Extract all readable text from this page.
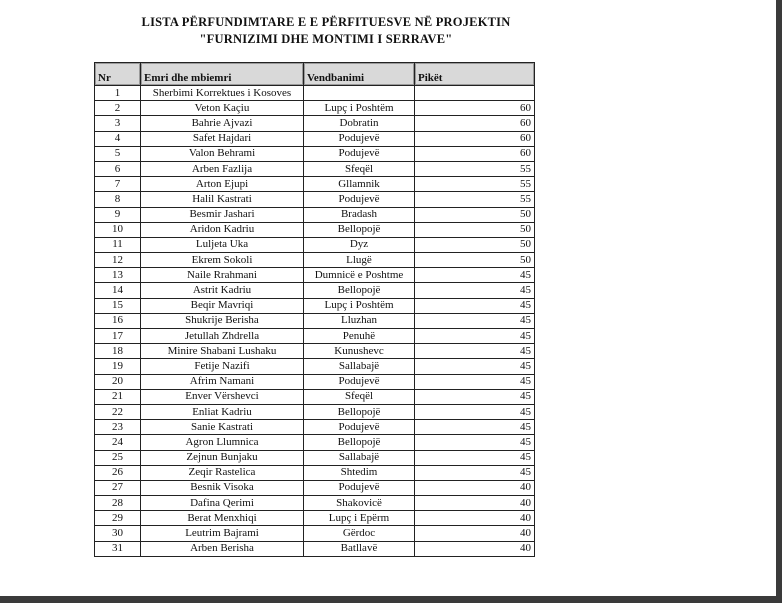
LISTA PËRFUNDIMTARE E E PËRFITUESVE NË PROJEKTIN
"FURNIZIMI DHE MONTIMI I SERRAVE"
Nr	Emri dhe mbiemri	Vendbanimi	Pikët
1	Sherbimi Korrektues i Kosoves		
2	Veton Kaçiu	Lupç i Poshtëm	60
3	Bahrie Ajvazi	Dobratin	60
4	Safet Hajdari	Podujevë	60
5	Valon Behrami	Podujevë	60
6	Arben Fazlija	Sfeqël	55
7	Arton Ejupi	Gllamnik	55
8	Halil Kastrati	Podujevë	55
9	Besmir Jashari	Bradash	50
10	Aridon Kadriu	Bellopojë	50
11	Luljeta Uka	Dyz	50
12	Ekrem Sokoli	Llugë	50
13	Naile Rrahmani	Dumnicë e Poshtme	45
14	Astrit Kadriu	Bellopojë	45
15	Beqir Mavriqi	Lupç i Poshtëm	45
16	Shukrije Berisha	Lluzhan	45
17	Jetullah Zhdrella	Penuhë	45
18	Minire Shabani Lushaku	Kunushevc	45
19	Fetije Nazifi	Sallabajë	45
20	Afrim Namani	Podujevë	45
21	Enver Vërshevci	Sfeqël	45
22	Enliat Kadriu	Bellopojë	45
23	Sanie Kastrati	Podujevë	45
24	Agron Llumnica	Bellopojë	45
25	Zejnun Bunjaku	Sallabajë	45
26	Zeqir Rastelica	Shtedim	45
27	Besnik Visoka	Podujevë	40
28	Dafina Qerimi	Shakovicë	40
29	Berat Menxhiqi	Lupç i Epërm	40
30	Leutrim Bajrami	Gërdoc	40
31	Arben Berisha	Batllavë	40
